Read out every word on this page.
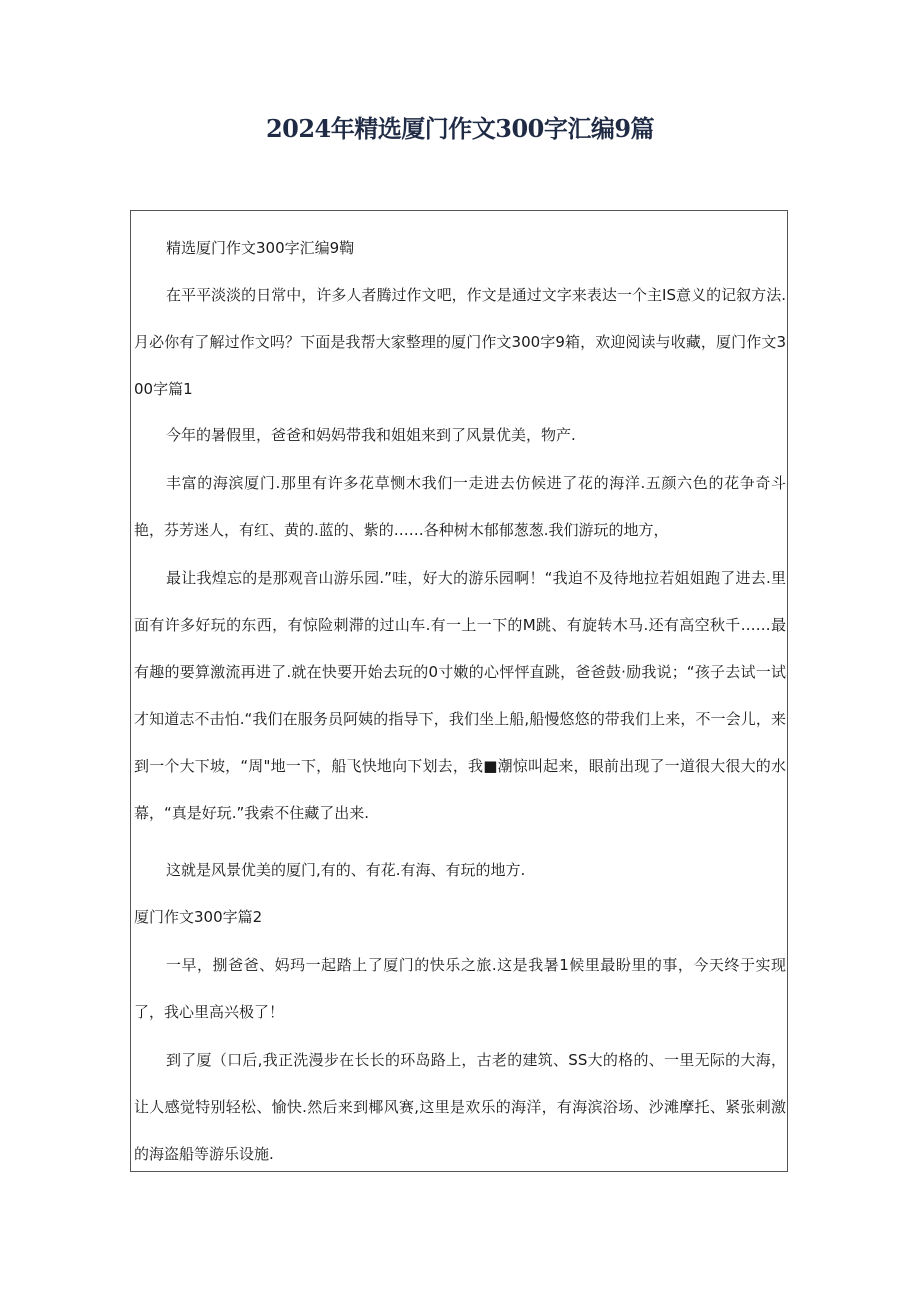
2024年精选厦门作文300字汇编9篇

精选厦门作文300字汇编9鞫

在平平淡淡的日常中，许多人者腾过作文吧，作文是通过文字来表达一个主IS意义的记叙方法.月必你有了解过作文吗？下面是我帮大家整理的厦门作文300字9箱，欢迎阅读与收藏，厦门作文300字篇1

今年的暑假里，爸爸和妈妈带我和姐姐来到了风景优美，物产.

丰富的海滨厦门.那里有许多花草恻木我们一走进去仿候进了花的海洋.五颜六色的花争奇斗艳，芬芳迷人，有红、黄的.蓝的、紫的……各种树木郁郁葱葱.我们游玩的地方，

最让我煌忘的是那观音山游乐园.”哇，好大的游乐园啊！“我迫不及待地拉若姐姐跑了进去.里面有许多好玩的东西，有惊险刺滞的过山车.有一上一下的M跳、有旋转木马.还有高空秋千……最有趣的要算激流再进了.就在快要开始去玩的0寸嫩的心怦怦直跳，爸爸鼓·励我说；“孩子去试一试才知道志不击怕.“我们在服务员阿姨的指导下，我们坐上船,船慢悠悠的带我们上来，不一会儿，来到一个大下坡，“周"地一下，船飞快地向下划去，我■潮惊叫起来，眼前出现了一道很大很大的水幕，“真是好玩.”我索不住藏了出来.

这就是风景优美的厦门,有的、有花.有海、有玩的地方.

厦门作文300字篇2

一早，捌爸爸、妈玛一起踏上了厦门的快乐之旅.这是我暑1候里最盼里的事，今天终于实现了，我心里高兴极了！

到了厦（口后,我正洗漫步在长长的环岛路上，古老的建筑、SS大的格的、一里无际的大海，让人感觉特别轻松、愉快.然后来到椰风赛,这里是欢乐的海洋，有海滨浴场、沙滩摩托、紧张刺激的海盗船等游乐设施.
